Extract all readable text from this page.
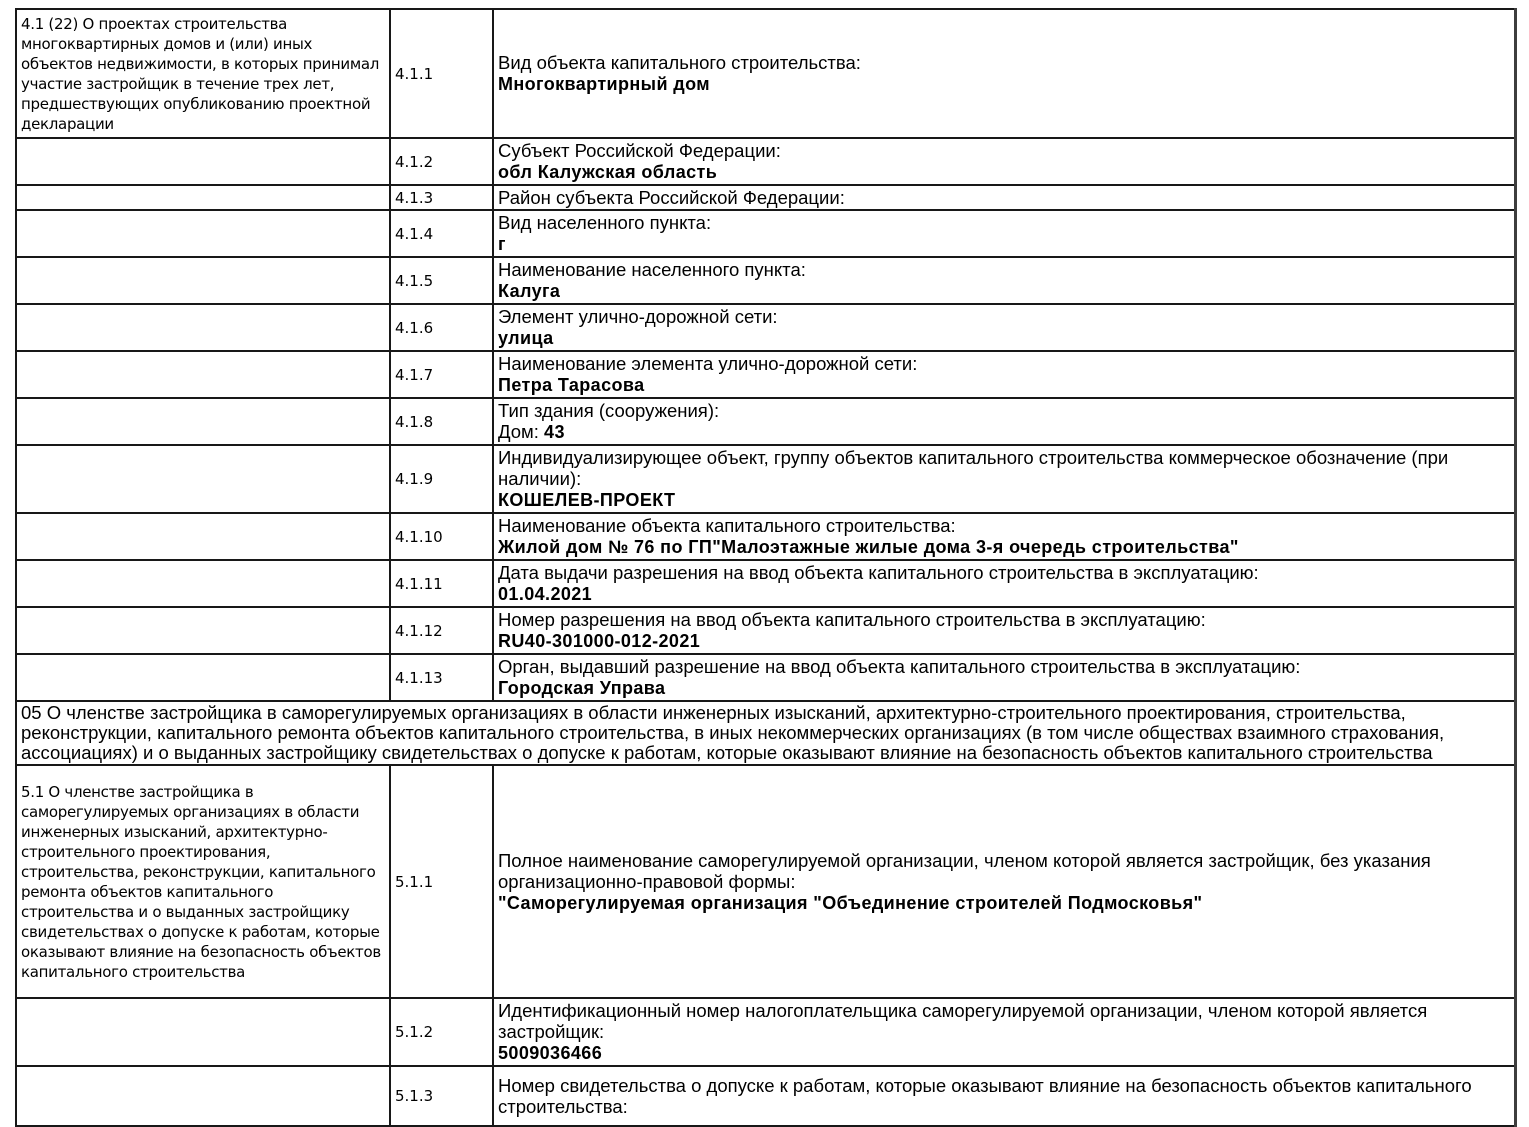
4.1 (22) О проектах строительства многоквартирных домов и (или) иных объектов недвижимости, в которых принимал участие застройщик в течение трех лет, предшествующих опубликованию проектной декларации	4.1.1	Вид объекта капитального строительства:
Многоквартирный дом

	4.1.2	Субъект Российской Федерации:
обл Калужская область

	4.1.3	Район субъекта Российской Федерации:

	4.1.4	Вид населенного пункта:
г

	4.1.5	Наименование населенного пункта:
Калуга

	4.1.6	Элемент улично-дорожной сети:
улица

	4.1.7	Наименование элемента улично-дорожной сети:
Петра Тарасова

	4.1.8	Тип здания (сооружения):
Дом: 43

	4.1.9	Индивидуализирующее объект, группу объектов капитального строительства коммерческое обозначение (при наличии):
КОШЕЛЕВ-ПРОЕКТ

	4.1.10	Наименование объекта капитального строительства:
Жилой дом № 76 по ГП"Малоэтажные жилые дома 3-я очередь строительства"

	4.1.11	Дата выдачи разрешения на ввод объекта капитального строительства в эксплуатацию:
01.04.2021

	4.1.12	Номер разрешения на ввод объекта капитального строительства в эксплуатацию:
RU40-301000-012-2021

	4.1.13	Орган, выдавший разрешение на ввод объекта капитального строительства в эксплуатацию:
Городская Управа

05 О членстве застройщика в саморегулируемых организациях в области инженерных изысканий, архитектурно-строительного проектирования, строительства, реконструкции, капитального ремонта объектов капитального строительства, в иных некоммерческих организациях (в том числе обществах взаимного страхования, ассоциациях) и о выданных застройщику свидетельствах о допуске к работам, которые оказывают влияние на безопасность объектов капитального строительства		
5.1 О членстве застройщика в саморегулируемых организациях в области инженерных изысканий, архитектурно-строительного проектирования, строительства, реконструкции, капитального ремонта объектов капитального строительства и о выданных застройщику свидетельствах о допуске к работам, которые оказывают влияние на безопасность объектов капитального строительства	5.1.1	Полное наименование саморегулируемой организации, членом которой является застройщик, без указания организационно-правовой формы:
"Саморегулируемая организация "Объединение строителей Подмосковья"

	5.1.2	Идентификационный номер налогоплательщика саморегулируемой организации, членом которой является застройщик:
5009036466

	5.1.3	Номер свидетельства о допуске к работам, которые оказывают влияние на безопасность объектов капитального строительства:
